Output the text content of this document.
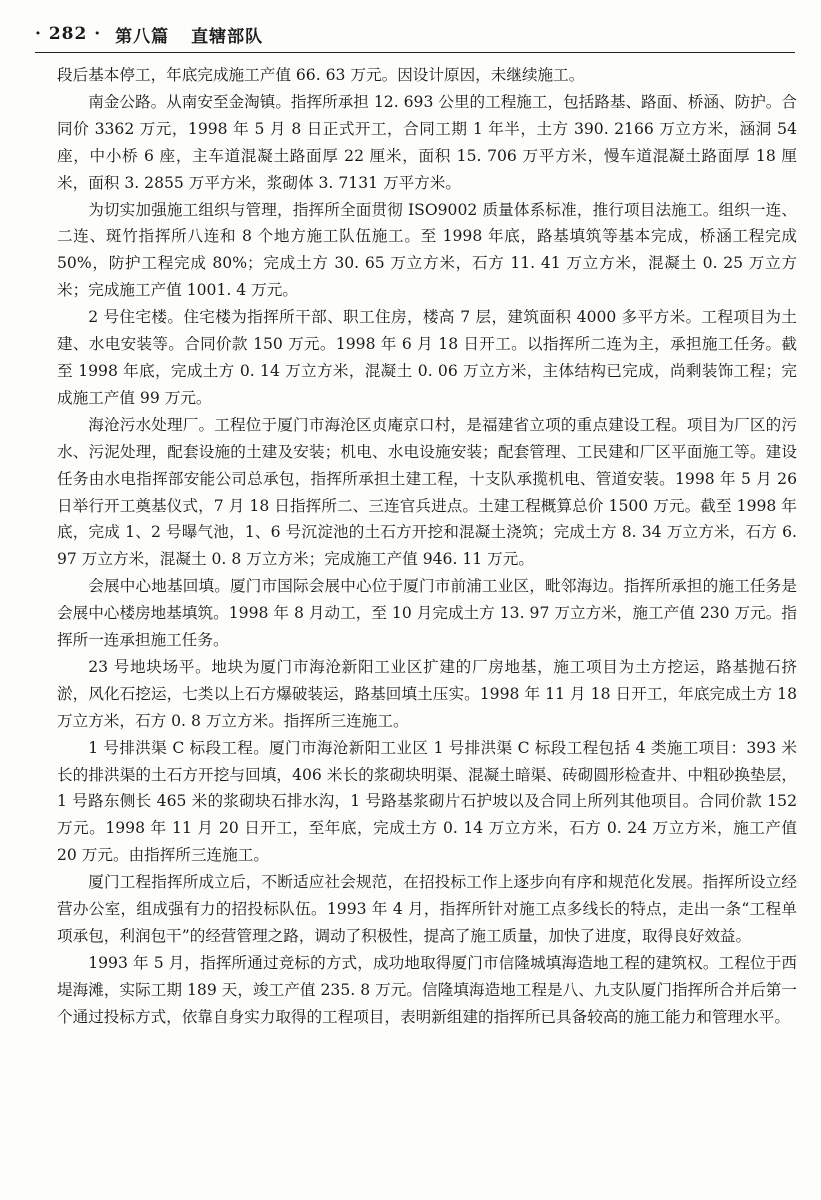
· 282 · 第八篇 直辖部队

段后基本停工，年底完成施工产值 66. 63 万元。因设计原因，未继续施工。

南金公路。从南安至金淘镇。指挥所承担 12. 693 公里的工程施工，包括路基、路面、桥涵、防护。合同价 3362 万元，1998 年 5 月 8 日正式开工，合同工期 1 年半，土方 390. 2166 万立方米，涵洞 54 座，中小桥 6 座，主车道混凝土路面厚 22 厘米，面积 15. 706 万平方米，慢车道混凝土路面厚 18 厘米，面积 3. 2855 万平方米，浆砌体 3. 7131 万平方米。

为切实加强施工组织与管理，指挥所全面贯彻 ISO9002 质量体系标准，推行项目法施工。组织一连、二连、斑竹指挥所八连和 8 个地方施工队伍施工。至 1998 年底，路基填筑等基本完成，桥涵工程完成 50%，防护工程完成 80%；完成土方 30. 65 万立方米，石方 11. 41 万立方米，混凝土 0. 25 万立方米；完成施工产值 1001. 4 万元。

2 号住宅楼。住宅楼为指挥所干部、职工住房，楼高 7 层，建筑面积 4000 多平方米。工程项目为土建、水电安装等。合同价款 150 万元。1998 年 6 月 18 日开工。以指挥所二连为主，承担施工任务。截至 1998 年底，完成土方 0. 14 万立方米，混凝土 0. 06 万立方米，主体结构已完成，尚剩装饰工程；完成施工产值 99 万元。

海沧污水处理厂。工程位于厦门市海沧区贞庵京口村，是福建省立项的重点建设工程。项目为厂区的污水、污泥处理，配套设施的土建及安装；机电、水电设施安装；配套管理、工民建和厂区平面施工等。建设任务由水电指挥部安能公司总承包，指挥所承担土建工程，十支队承揽机电、管道安装。1998 年 5 月 26 日举行开工奠基仪式，7 月 18 日指挥所二、三连官兵进点。土建工程概算总价 1500 万元。截至 1998 年底，完成 1、2 号曝气池，1、6 号沉淀池的土石方开挖和混凝土浇筑；完成土方 8. 34 万立方米，石方 6. 97 万立方米，混凝土 0. 8 万立方米；完成施工产值 946. 11 万元。

会展中心地基回填。厦门市国际会展中心位于厦门市前浦工业区，毗邻海边。指挥所承担的施工任务是会展中心楼房地基填筑。1998 年 8 月动工，至 10 月完成土方 13. 97 万立方米，施工产值 230 万元。指挥所一连承担施工任务。

23 号地块场平。地块为厦门市海沧新阳工业区扩建的厂房地基，施工项目为土方挖运，路基抛石挤淤，风化石挖运，七类以上石方爆破装运，路基回填土压实。1998 年 11 月 18 日开工，年底完成土方 18 万立方米，石方 0. 8 万立方米。指挥所三连施工。

1 号排洪渠 C 标段工程。厦门市海沧新阳工业区 1 号排洪渠 C 标段工程包括 4 类施工项目：393 米长的排洪渠的土石方开挖与回填，406 米长的浆砌块明渠、混凝土暗渠、砖砌圆形检查井、中粗砂换垫层，1 号路东侧长 465 米的浆砌块石排水沟，1 号路基浆砌片石护坡以及合同上所列其他项目。合同价款 152 万元。1998 年 11 月 20 日开工，至年底，完成土方 0. 14 万立方米，石方 0. 24 万立方米，施工产值 20 万元。由指挥所三连施工。

厦门工程指挥所成立后，不断适应社会规范，在招投标工作上逐步向有序和规范化发展。指挥所设立经营办公室，组成强有力的招投标队伍。1993 年 4 月，指挥所针对施工点多线长的特点，走出一条“工程单项承包，利润包干”的经营管理之路，调动了积极性，提高了施工质量，加快了进度，取得良好效益。

1993 年 5 月，指挥所通过竞标的方式，成功地取得厦门市信隆城填海造地工程的建筑权。工程位于西堤海滩，实际工期 189 天，竣工产值 235. 8 万元。信隆填海造地工程是八、九支队厦门指挥所合并后第一个通过投标方式，依靠自身实力取得的工程项目，表明新组建的指挥所已具备较高的施工能力和管理水平。
